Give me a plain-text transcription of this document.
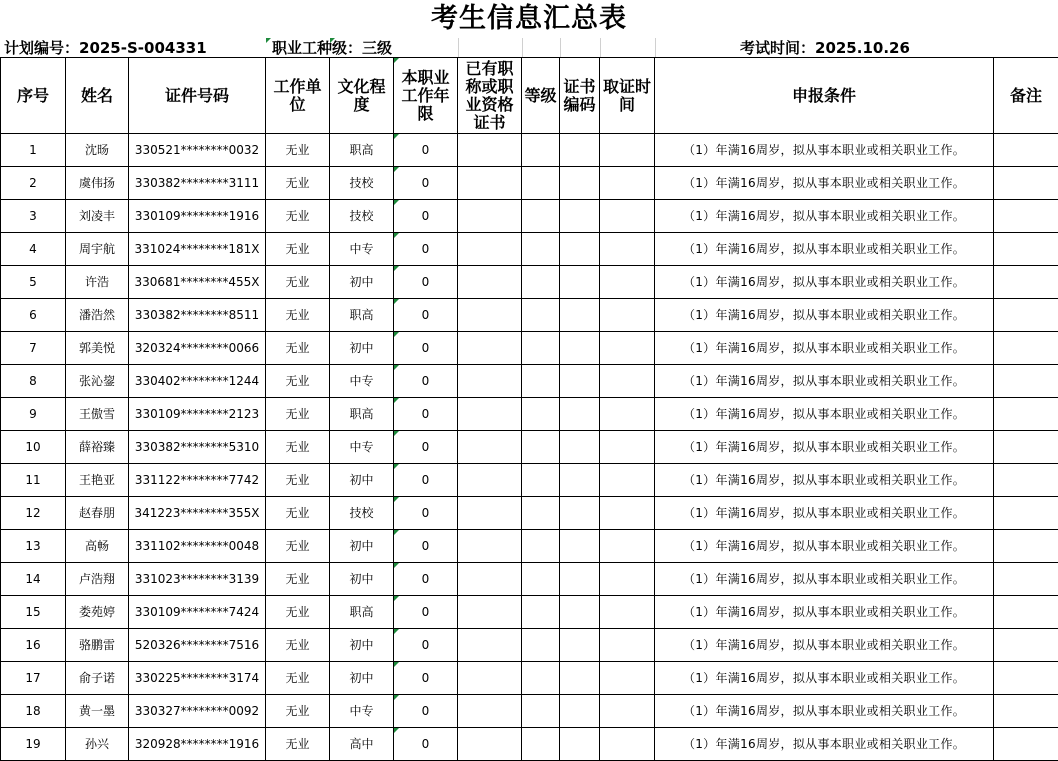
考生信息汇总表
计划编号：2025-S-004331	职业工种级：三级	考试时间：2025.10.26
序号	姓名	证件号码	工作单位	文化程度	本职业工作年限	已有职称或职业资格证书	等级	证书编码	取证时间	申报条件	备注

1	沈旸	330521********0032	无业	职高	0					（1）年满16周岁，拟从事本职业或相关职业工作。	
2	虞伟扬	330382********3111	无业	技校	0					（1）年满16周岁，拟从事本职业或相关职业工作。	
3	刘凌丰	330109********1916	无业	技校	0					（1）年满16周岁，拟从事本职业或相关职业工作。	
4	周宇航	331024********181X	无业	中专	0					（1）年满16周岁，拟从事本职业或相关职业工作。	
5	许浩	330681********455X	无业	初中	0					（1）年满16周岁，拟从事本职业或相关职业工作。	
6	潘浩然	330382********8511	无业	职高	0					（1）年满16周岁，拟从事本职业或相关职业工作。	
7	郭美悦	320324********0066	无业	初中	0					（1）年满16周岁，拟从事本职业或相关职业工作。	
8	张沁鋆	330402********1244	无业	中专	0					（1）年满16周岁，拟从事本职业或相关职业工作。	
9	王傲雪	330109********2123	无业	职高	0					（1）年满16周岁，拟从事本职业或相关职业工作。	
10	薛裕臻	330382********5310	无业	中专	0					（1）年满16周岁，拟从事本职业或相关职业工作。	
11	王艳亚	331122********7742	无业	初中	0					（1）年满16周岁，拟从事本职业或相关职业工作。	
12	赵春朋	341223********355X	无业	技校	0					（1）年满16周岁，拟从事本职业或相关职业工作。	
13	高畅	331102********0048	无业	初中	0					（1）年满16周岁，拟从事本职业或相关职业工作。	
14	卢浩翔	331023********3139	无业	初中	0					（1）年满16周岁，拟从事本职业或相关职业工作。	
15	娄苑婷	330109********7424	无业	职高	0					（1）年满16周岁，拟从事本职业或相关职业工作。	
16	骆鹏雷	520326********7516	无业	初中	0					（1）年满16周岁，拟从事本职业或相关职业工作。	
17	俞子诺	330225********3174	无业	初中	0					（1）年满16周岁，拟从事本职业或相关职业工作。	
18	黄一墨	330327********0092	无业	中专	0					（1）年满16周岁，拟从事本职业或相关职业工作。	
19	孙兴	320928********1916	无业	高中	0					（1）年满16周岁，拟从事本职业或相关职业工作。	
